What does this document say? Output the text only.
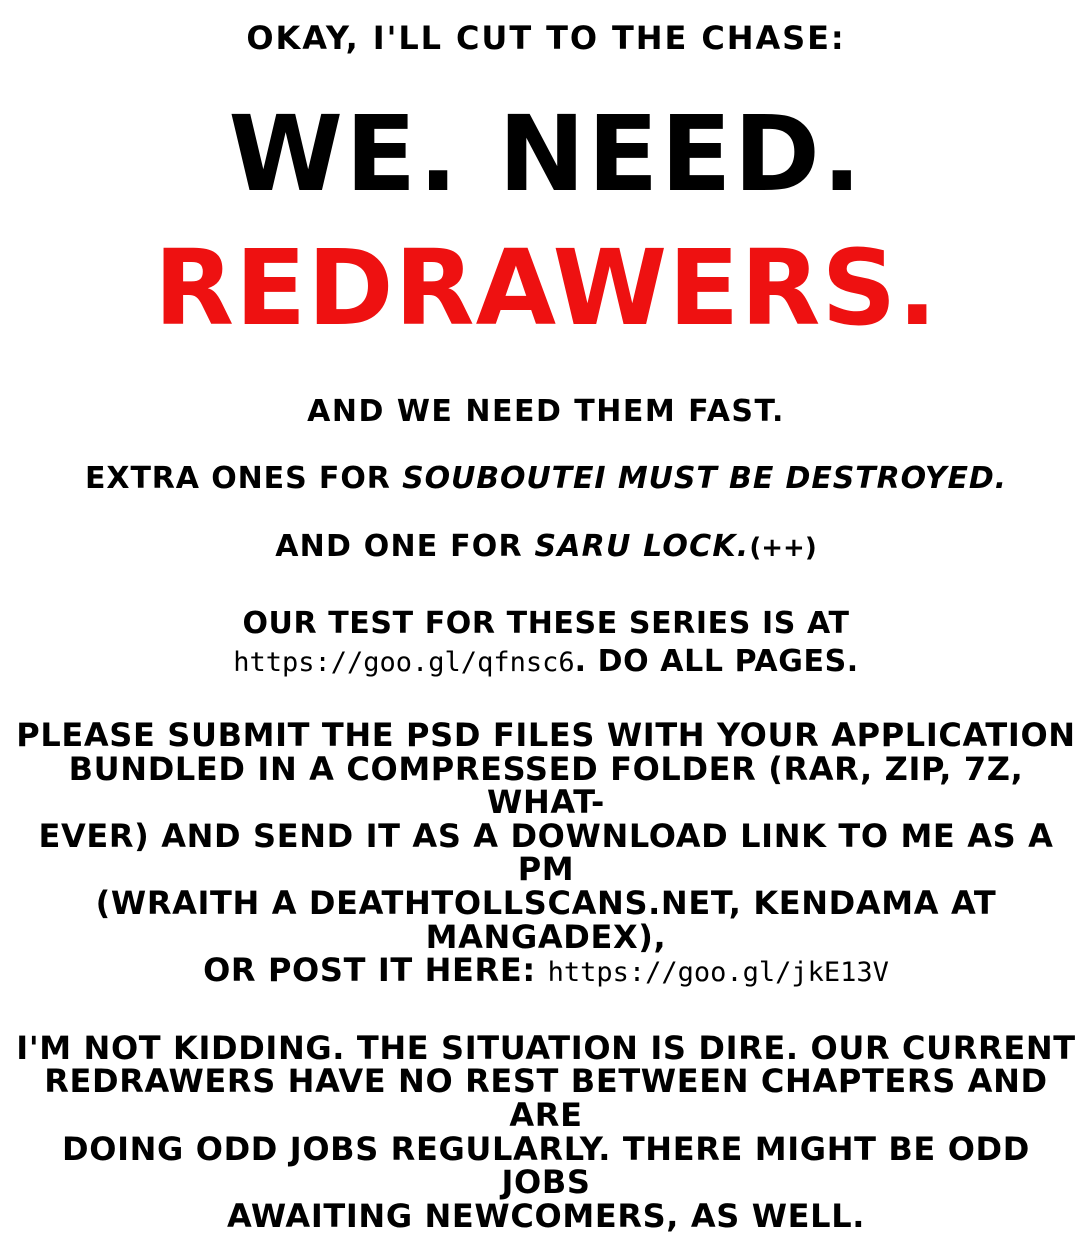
OKAY, I'LL CUT TO THE CHASE:
WE. NEED.
REDRAWERS.
AND WE NEED THEM FAST.
EXTRA ONES FOR SOUBOUTEI MUST BE DESTROYED.
AND ONE FOR SARU LOCK.(++)
OUR TEST FOR THESE SERIES IS AT
https://goo.gl/qfnsc6. DO ALL PAGES.
PLEASE SUBMIT THE PSD FILES WITH YOUR APPLICATION
BUNDLED IN A COMPRESSED FOLDER (RAR, ZIP, 7Z, WHAT-
EVER) AND SEND IT AS A DOWNLOAD LINK TO ME AS A PM
(WRAITH A DEATHTOLLSCANS.NET, KENDAMA AT MANGADEX),
OR POST IT HERE: https://goo.gl/jkE13V
I'M NOT KIDDING. THE SITUATION IS DIRE. OUR CURRENT
REDRAWERS HAVE NO REST BETWEEN CHAPTERS AND ARE
DOING ODD JOBS REGULARLY. THERE MIGHT BE ODD JOBS
AWAITING NEWCOMERS, AS WELL.
